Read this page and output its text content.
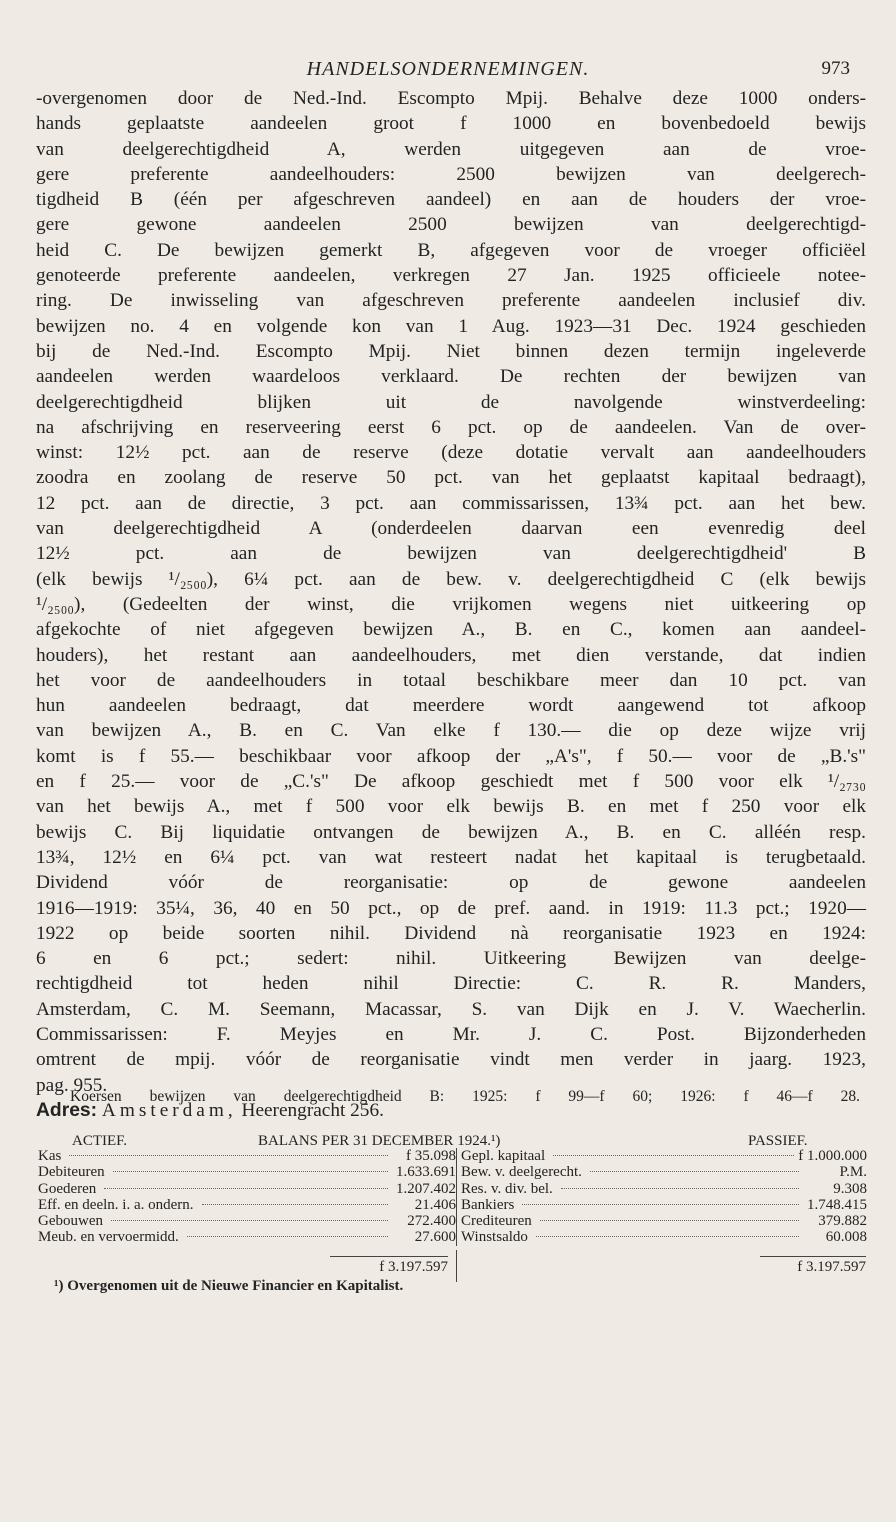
HANDELSONDERNEMINGEN.	973
-overgenomen door de Ned.-Ind. Escompto Mpij. Behalve deze 1000 onders-
hands geplaatste aandeelen groot f 1000 en bovenbedoeld bewijs
van deelgerechtigdheid A, werden uitgegeven aan de vroe-
gere preferente aandeelhouders: 2500 bewijzen van deelgerech-
tigdheid B (één per afgeschreven aandeel) en aan de houders der vroe-
gere gewone aandeelen 2500 bewijzen van deelgerechtigd-
heid C. De bewijzen gemerkt B, afgegeven voor de vroeger officiëel
genoteerde preferente aandeelen, verkregen 27 Jan. 1925 officieele notee-
ring. De inwisseling van afgeschreven preferente aandeelen inclusief div.
bewijzen no. 4 en volgende kon van 1 Aug. 1923—31 Dec. 1924 geschieden
bij de Ned.-Ind. Escompto Mpij. Niet binnen dezen termijn ingeleverde
aandeelen werden waardeloos verklaard. De rechten der bewijzen van
deelgerechtigdheid blijken uit de navolgende winstverdeeling:
na afschrijving en reserveering eerst 6 pct. op de aandeelen. Van de over-
winst: 12½ pct. aan de reserve (deze dotatie vervalt aan aandeelhouders
zoodra en zoolang de reserve 50 pct. van het geplaatst kapitaal bedraagt),
12 pct. aan de directie, 3 pct. aan commissarissen, 13¾ pct. aan het bew.
van deelgerechtigdheid A (onderdeelen daarvan een evenredig deel
12½ pct. aan de bewijzen van deelgerechtigdheid' B
(elk bewijs ¹/₂₅₀₀), 6¼ pct. aan de bew. v. deelgerechtigdheid C (elk bewijs
¹/₂₅₀₀), (Gedeelten der winst, die vrijkomen wegens niet uitkeering op
afgekochte of niet afgegeven bewijzen A., B. en C., komen aan aandeel-
houders), het restant aan aandeelhouders, met dien verstande, dat indien
het voor de aandeelhouders in totaal beschikbare meer dan 10 pct. van
hun aandeelen bedraagt, dat meerdere wordt aangewend tot afkoop
van bewijzen A., B. en C. Van elke f 130.— die op deze wijze vrij
komt is f 55.— beschikbaar voor afkoop der „A's", f 50.— voor de „B.'s"
en f 25.— voor de „C.'s" De afkoop geschiedt met f 500 voor elk ¹/₂₇₃₀
van het bewijs A., met f 500 voor elk bewijs B. en met f 250 voor elk
bewijs C. Bij liquidatie ontvangen de bewijzen A., B. en C. alléén resp.
13¾, 12½ en 6¼ pct. van wat resteert nadat het kapitaal is terugbetaald.
Dividend vóór de reorganisatie: op de gewone aandeelen
1916—1919: 35¼, 36, 40 en 50 pct., op de pref. aand. in 1919: 11.3 pct.; 1920—
1922 op beide soorten nihil. Dividend nà reorganisatie 1923 en 1924:
6 en 6 pct.; sedert: nihil. Uitkeering Bewijzen van deelge-
rechtigdheid tot heden nihil Directie: C. R. R. Manders,
Amsterdam, C. M. Seemann, Macassar, S. van Dijk en J. V. Waecherlin.
Commissarissen: F. Meyjes en Mr. J. C. Post. Bijzonderheden
omtrent de mpij. vóór de reorganisatie vindt men verder in jaarg. 1923,
pag. 955.
Adres: Amsterdam, Heerengracht 256.
Koersen bewijzen van deelgerechtigdheid B: 1925: f 99—f 60; 1926: f 46—f 28.
ACTIEF.	BALANS PER 31 DECEMBER 1924.¹)	PASSIEF.
Kas	f 35.098
Debiteuren	1.633.691
Goederen	1.207.402
Eff. en deeln. i. a. ondern.	21.406
Gebouwen	272.400
Meub. en vervoermidd.	27.600
Gepl. kapitaal	f 1.000.000
Bew. v. deelgerecht.	P.M.
Res. v. div. bel.	9.308
Bankiers	1.748.415
Crediteuren	379.882
Winstsaldo	60.008
f 3.197.597	f 3.197.597
¹) Overgenomen uit de Nieuwe Financier en Kapitalist.
